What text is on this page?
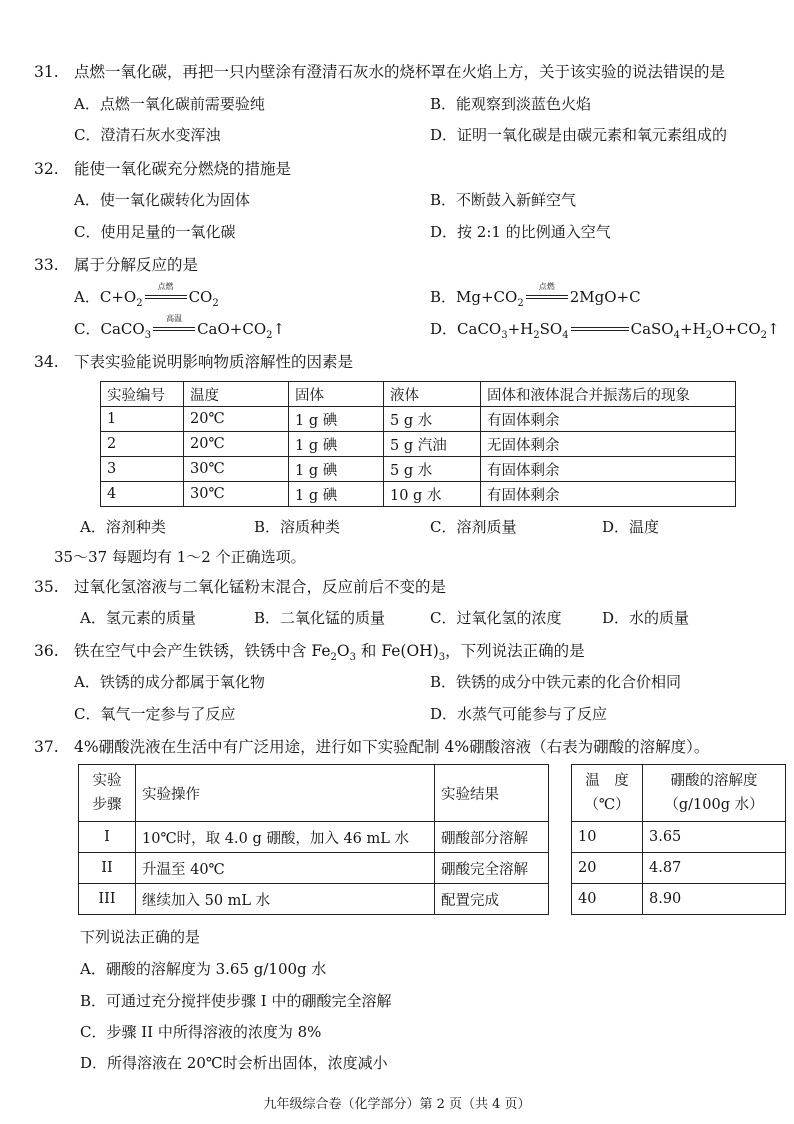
31. 点燃一氧化碳，再把一只内壁涂有澄清石灰水的烧杯罩在火焰上方，关于该实验的说法错误的是
A．点燃一氧化碳前需要验纯	B．能观察到淡蓝色火焰
C．澄清石灰水变浑浊	D．证明一氧化碳是由碳元素和氧元素组成的
32. 能使一氧化碳充分燃烧的措施是
A．使一氧化碳转化为固体	B．不断鼓入新鲜空气
C．使用足量的一氧化碳	D．按 2:1 的比例通入空气
33. 属于分解反应的是
A．$C+O_2$
点燃
$CO_2$	B．$Mg+CO_2$
点燃
2MgO+C
C．CaCO$_3$
高温
$CaO+CO_2↑$	D．$CaCO_3+H_2SO_4$	$CaSO_4+H_2O+CO_2↑$
34. 下表实验能说明影响物质溶解性的因素是
实验编号	温度	固体	液体	固体和液体混合并振荡后的现象
1	20℃	1 g 碘	5 g 水	有固体剩余
2	20℃	1 g 碘	5 g 汽油	无固体剩余
3	30℃	1 g 碘	5 g 水	有固体剩余
4	30℃	1 g 碘	10 g 水	有固体剩余
A．溶剂种类	B．溶质种类	C．溶剂质量	D．温度
35～37 每题均有 1～2 个正确选项。
35. 过氧化氢溶液与二氧化锰粉末混合，反应前后不变的是
A．氢元素的质量	B．二氧化锰的质量	C．过氧化氢的浓度	D．水的质量
36. 铁在空气中会产生铁锈，铁锈中含 $Fe_2O_3$ 和 $Fe(OH)_3$，下列说法正确的是
A．铁锈的成分都属于氧化物	B．铁锈的成分中铁元素的化合价相同
C．氧气一定参与了反应	D．水蒸气可能参与了反应
37. 4%硼酸洗液在生活中有广泛用途，进行如下实验配制 4%硼酸溶液（右表为硼酸的溶解度）。
实验
步骤	实验操作	实验结果
I	10℃时，取 4.0 g 硼酸，加入 46 mL 水	硼酸部分溶解
II	升温至 40℃	硼酸完全溶解
III	继续加入 50 mL 水	配置完成
温　度
（℃）	硼酸的溶解度
（g/100g 水）
10	3.65
20	4.87
40	8.90
下列说法正确的是
A．硼酸的溶解度为 3.65 g/100g 水
B．可通过充分搅拌使步骤 I 中的硼酸完全溶解
C．步骤 II 中所得溶液的浓度为 8%
D．所得溶液在 20℃时会析出固体，浓度减小
九年级综合卷（化学部分）第 2 页（共 4 页）
